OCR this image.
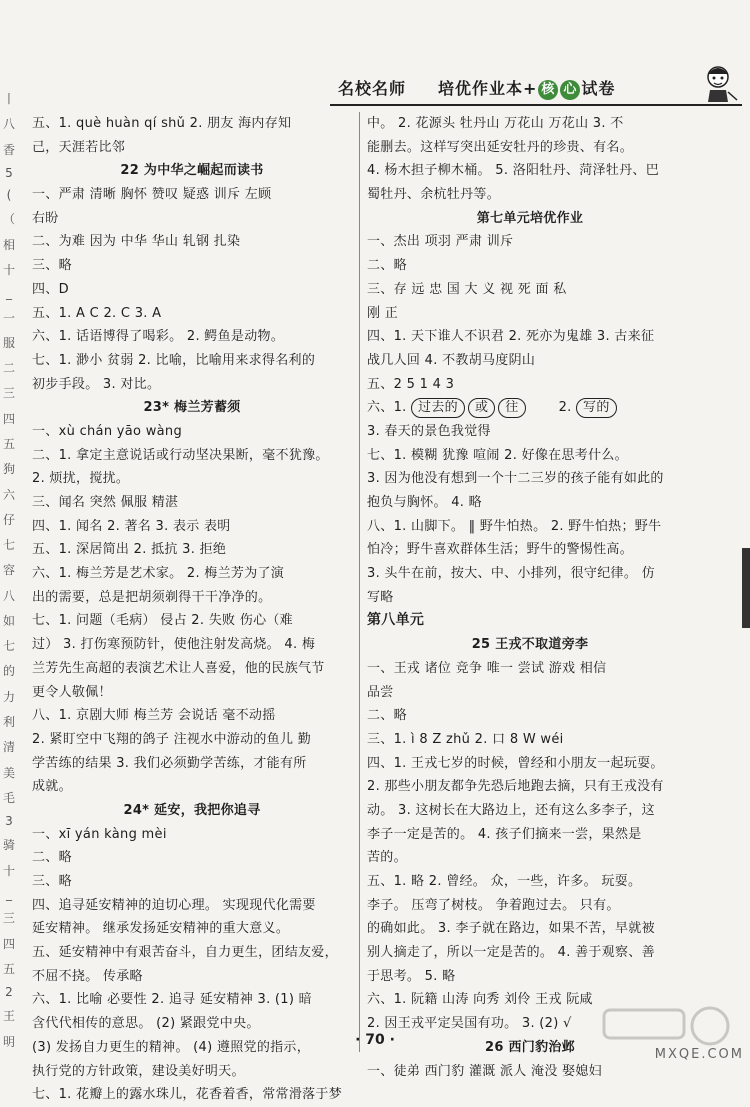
丨
八
香
5
(
（
相
十
_
一
服
二
三
四
五
狗
六
仔
七
容
八
如
七
的
力
利
清
美
毛
3
骑
十
_
三
四
五
2
王
明
名校名师 培优作业本+ 核 心 试卷
五、1. què huàn qí shǔ 2. 朋友 海内存知
己，天涯若比邻
22 为中华之崛起而读书
一、严肃 清晰 胸怀 赞叹 疑惑 训斥 左顾
右盼
二、为难 因为 中华 华山 轧钢 扎染
三、略
四、D
五、1. A C 2. C 3. A
六、1. 话语博得了喝彩。 2. 鳄鱼是动物。
七、1. 渺小 贫弱 2. 比喻，比喻用来求得名利的
初步手段。 3. 对比。
23* 梅兰芳蓄须
一、xù chán yāo wàng
二、1. 拿定主意说话或行动坚决果断，毫不犹豫。
2. 烦扰，搅扰。
三、闻名 突然 佩服 精湛
四、1. 闻名 2. 著名 3. 表示 表明
五、1. 深居简出 2. 抵抗 3. 拒绝
六、1. 梅兰芳是艺术家。 2. 梅兰芳为了演
出的需要，总是把胡须剃得干干净净的。
七、1. 问题（毛病） 侵占 2. 失败 伤心（难
过） 3. 打伤寒预防针，使他注射发高烧。 4. 梅
兰芳先生高超的表演艺术让人喜爱，他的民族气节
更令人敬佩！
八、1. 京剧大师 梅兰芳 会说话 毫不动摇
2. 紧盯空中飞翔的鸽子 注视水中游动的鱼儿 勤
学苦练的结果 3. 我们必须勤学苦练，才能有所
成就。
24* 延安，我把你追寻
一、xī yán kàng mèi
二、略
三、略
四、追寻延安精神的迫切心理。 实现现代化需要
延安精神。 继承发扬延安精神的重大意义。
五、延安精神中有艰苦奋斗，自力更生，团结友爱，
不屈不挠。 传承略
六、1. 比喻 必要性 2. 追寻 延安精神 3. (1) 暗
含代代相传的意思。 (2) 紧跟党中央。
(3) 发扬自力更生的精神。 (4) 遵照党的指示，
执行党的方针政策，建设美好明天。
七、1. 花瓣上的露水珠儿，花香着香，常常滑落于梦
中。 2. 花源头 牡丹山 万花山 万花山 3. 不
能删去。这样写突出延安牡丹的珍贵、有名。
4. 杨木担子柳木桶。 5. 洛阳牡丹、菏泽牡丹、巴
蜀牡丹、余杭牡丹等。
第七单元培优作业
一、杰出 项羽 严肃 训斥
二、略
三、存 远 忠 国 大 义 视 死 面 私
刚 正
四、1. 天下谁人不识君 2. 死亦为鬼雄 3. 古来征
战几人回 4. 不教胡马度阴山
五、2 5 1 4 3
六、1. 过去的 或 往	2. 写的
3. 春天的景色我觉得
七、1. 模糊 犹豫 喧闹 2. 好像在思考什么。
3. 因为他没有想到一个十二三岁的孩子能有如此的
抱负与胸怀。 4. 略
八、1. 山脚下。 ‖ 野牛怕热。 2. 野牛怕热；野牛
怕冷；野牛喜欢群体生活；野牛的警惕性高。
3. 头牛在前，按大、中、小排列，很守纪律。 仿
写略
第八单元
25 王戎不取道旁李
一、王戎 诸位 竞争 唯一 尝试 游戏 相信
品尝
二、略
三、1. ì 8 Z zhǔ 2. 口 8 W wéi
四、1. 王戎七岁的时候，曾经和小朋友一起玩耍。
2. 那些小朋友都争先恐后地跑去摘，只有王戎没有
动。 3. 这树长在大路边上，还有这么多李子，这
李子一定是苦的。 4. 孩子们摘来一尝，果然是
苦的。
五、1. 略 2. 曾经。 众，一些，许多。 玩耍。
李子。 压弯了树枝。 争着跑过去。 只有。
的确如此。 3. 李子就在路边，如果不苦，早就被
别人摘走了，所以一定是苦的。 4. 善于观察、善
于思考。 5. 略
六、1. 阮籍 山涛 向秀 刘伶 王戎 阮咸
2. 因王戎平定吴国有功。 3. (2) √
26 西门豹治邺
一、徒弟 西门豹 灌溉 派人 淹没 娶媳妇
· 70 ·
MXQE.COM
